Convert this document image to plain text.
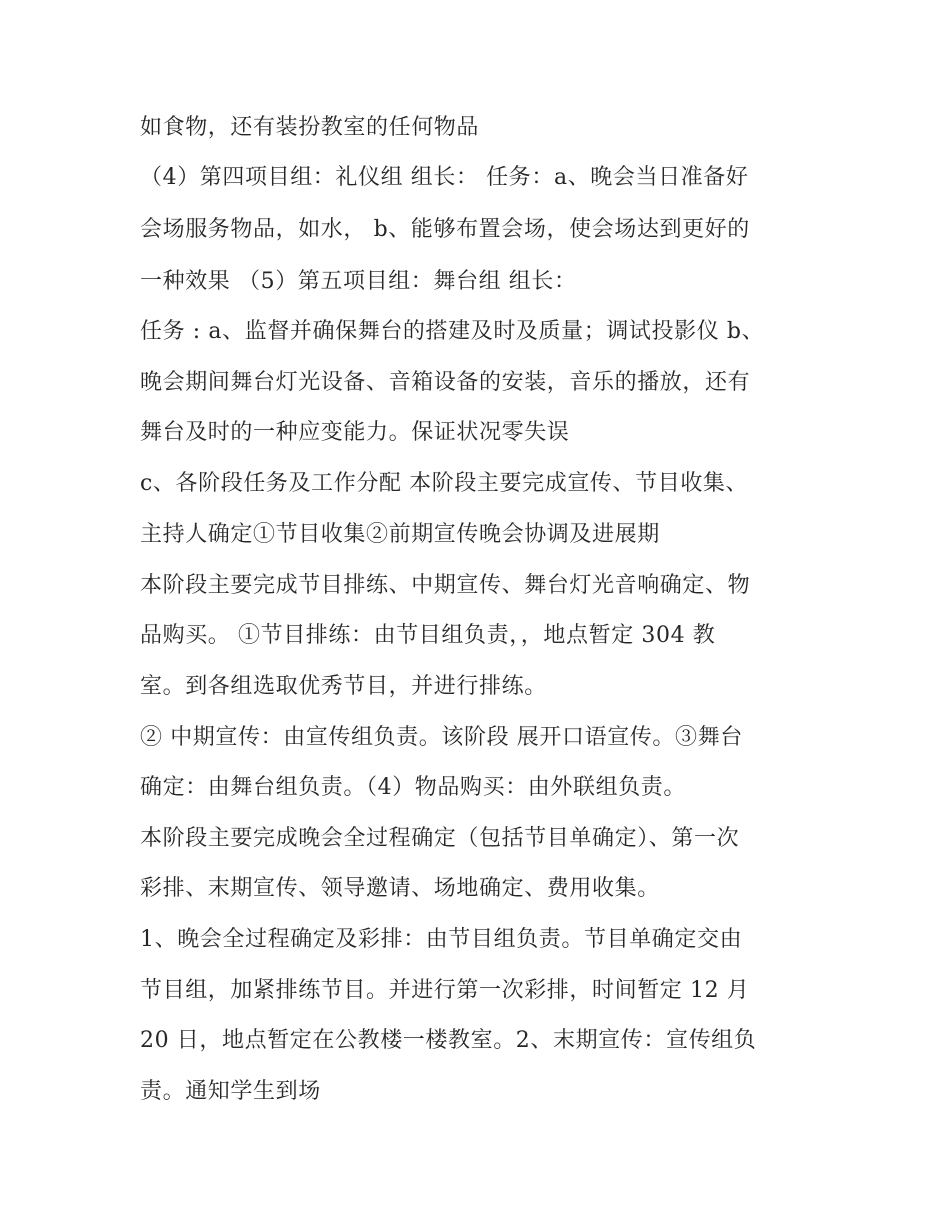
如食物，还有装扮教室的任何物品

（4）第四项目组：礼仪组 组长： 任务：a、晚会当日准备好

会场服务物品，如水， b、能够布置会场，使会场达到更好的

一种效果 （5）第五项目组：舞台组 组长：

任务 : a、监督并确保舞台的搭建及时及质量；调试投影仪 b、

晚会期间舞台灯光设备、音箱设备的安装，音乐的播放，还有

舞台及时的一种应变能力。保证状况零失误

c、各阶段任务及工作分配 本阶段主要完成宣传、节目收集、

主持人确定①节目收集②前期宣传晚会协调及进展期

本阶段主要完成节目排练、中期宣传、舞台灯光音响确定、物

品购买。 ①节目排练：由节目组负责，，地点暂定 304 教

室。到各组选取优秀节目，并进行排练。

② 中期宣传：由宣传组负责。该阶段 展开口语宣传。③舞台

确定：由舞台组负责。（4）物品购买：由外联组负责。

本阶段主要完成晚会全过程确定（包括节目单确定）、第一次

彩排、末期宣传、领导邀请、场地确定、费用收集。

1、晚会全过程确定及彩排：由节目组负责。节目单确定交由

节目组，加紧排练节目。并进行第一次彩排，时间暂定 12 月

20 日，地点暂定在公教楼一楼教室。2、末期宣传：宣传组负

责。通知学生到场
